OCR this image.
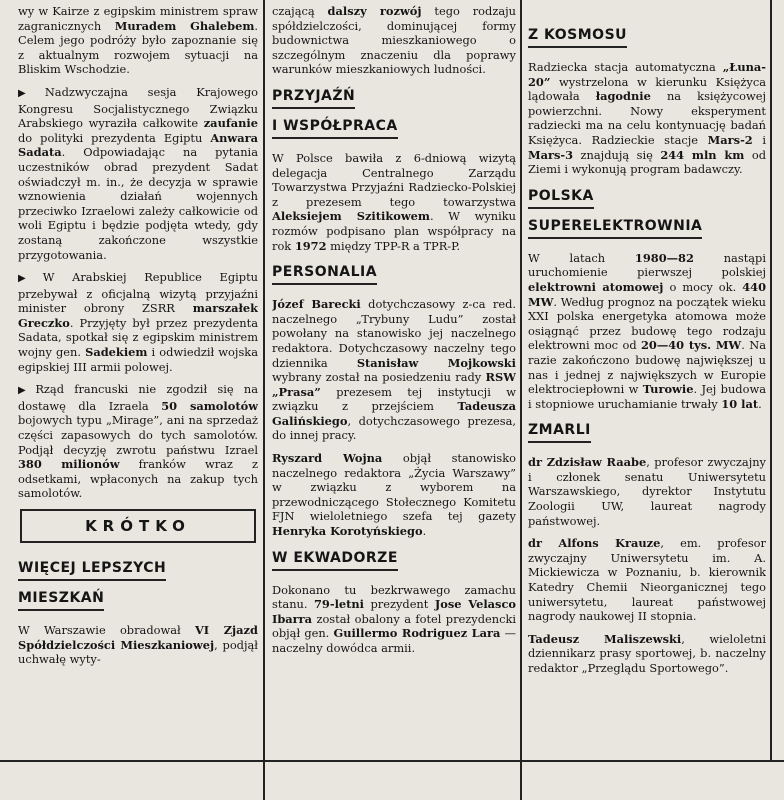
wy w Kairze z egipskim ministrem spraw zagranicznych Muradem Ghalebem. Celem jego podróży było zapoznanie się z aktualnym rozwojem sytuacji na Bliskim Wschodzie.

▶ Nadzwyczajna sesja Krajowego Kongresu Socjalistycznego Związku Arabskiego wyraziła całkowite zaufanie do polityki prezydenta Egiptu Anwara Sadata. Odpowiadając na pytania uczestników obrad prezydent Sadat oświadczył m. in., że decyzja w sprawie wznowienia działań wojennych przeciwko Izraelowi zależy całkowicie od woli Egiptu i będzie podjęta wtedy, gdy zostaną zakończone wszystkie przygotowania.

▶ W Arabskiej Republice Egiptu przebywał z oficjalną wizytą przyjaźni minister obrony ZSRR marszałek Greczko. Przyjęty był przez prezydenta Sadata, spotkał się z egipskim ministrem wojny gen. Sadekiem i odwiedził wojska egipskiej III armii polowej.

▶ Rząd francuski nie zgodził się na dostawę dla Izraela 50 samolotów bojowych typu „Mirage”, ani na sprzedaż części zapasowych do tych samolotów. Podjął decyzję zwrotu państwu Izrael 380 milionów franków wraz z odsetkami, wpłaconych na zakup tych samolotów.

KRÓTKO
WIĘCEJ LEPSZYCH
MIESZKAŃ

W Warszawie obradował VI Zjazd Spółdzielczości Mieszkaniowej, podjął uchwałę wyty-

czającą dalszy rozwój tego rodzaju spółdzielczości, dominującej formy budownictwa mieszkaniowego o szczególnym znaczeniu dla poprawy warunków mieszkaniowych ludności.

PRZYJAŹŃ
I WSPÓŁPRACA

W Polsce bawiła z 6-dniową wizytą delegacja Centralnego Zarządu Towarzystwa Przyjaźni Radziecko-Polskiej z prezesem tego towarzystwa Aleksiejem Szitikowem. W wyniku rozmów podpisano plan współpracy na rok 1972 między TPP-R a TPR-P.

PERSONALIA

Józef Barecki dotychczasowy z-ca red. naczelnego „Trybuny Ludu” został powołany na stanowisko jej naczelnego redaktora. Dotychczasowy naczelny tego dziennika Stanisław Mojkowski wybrany został na posiedzeniu rady RSW „Prasa” prezesem tej instytucji w związku z przejściem Tadeusza Galińskiego, dotychczasowego prezesa, do innej pracy.

Ryszard Wojna objął stanowisko naczelnego redaktora „Życia Warszawy” w związku z wyborem na przewodniczącego Stołecznego Komitetu FJN wieloletniego szefa tej gazety Henryka Korotyńskiego.

W EKWADORZE

Dokonano tu bezkrwawego zamachu stanu. 79-letni prezydent Jose Velasco Ibarra został obalony a fotel prezydencki objął gen. Guillermo Rodriguez Lara — naczelny dowódca armii.

Z KOSMOSU

Radziecka stacja automatyczna „Łuna-20” wystrzelona w kierunku Księżyca lądowała łagodnie na księżycowej powierzchni. Nowy eksperyment radziecki ma na celu kontynuację badań Księżyca. Radzieckie stacje Mars-2 i Mars-3 znajdują się 244 mln km od Ziemi i wykonują program badawczy.

POLSKA
SUPERELEKTROWNIA

W latach 1980—82 nastąpi uruchomienie pierwszej polskiej elektrowni atomowej o mocy ok. 440 MW. Według prognoz na początek wieku XXI polska energetyka atomowa może osiągnąć przez budowę tego rodzaju elektrowni moc od 20—40 tys. MW. Na razie zakończono budowę największej u nas i jednej z największych w Europie elektrociepłowni w Turowie. Jej budowa i stopniowe uruchamianie trwały 10 lat.

ZMARLI

dr Zdzisław Raabe, profesor zwyczajny i członek senatu Uniwersytetu Warszawskiego, dyrektor Instytutu Zoologii UW, laureat nagrody państwowej.

dr Alfons Krauze, em. profesor zwyczajny Uniwersytetu im. A. Mickiewicza w Poznaniu, b. kierownik Katedry Chemii Nieorganicznej tego uniwersytetu, laureat państwowej nagrody naukowej II stopnia.

Tadeusz Maliszewski, wieloletni dziennikarz prasy sportowej, b. naczelny redaktor „Przeglądu Sportowego”.
